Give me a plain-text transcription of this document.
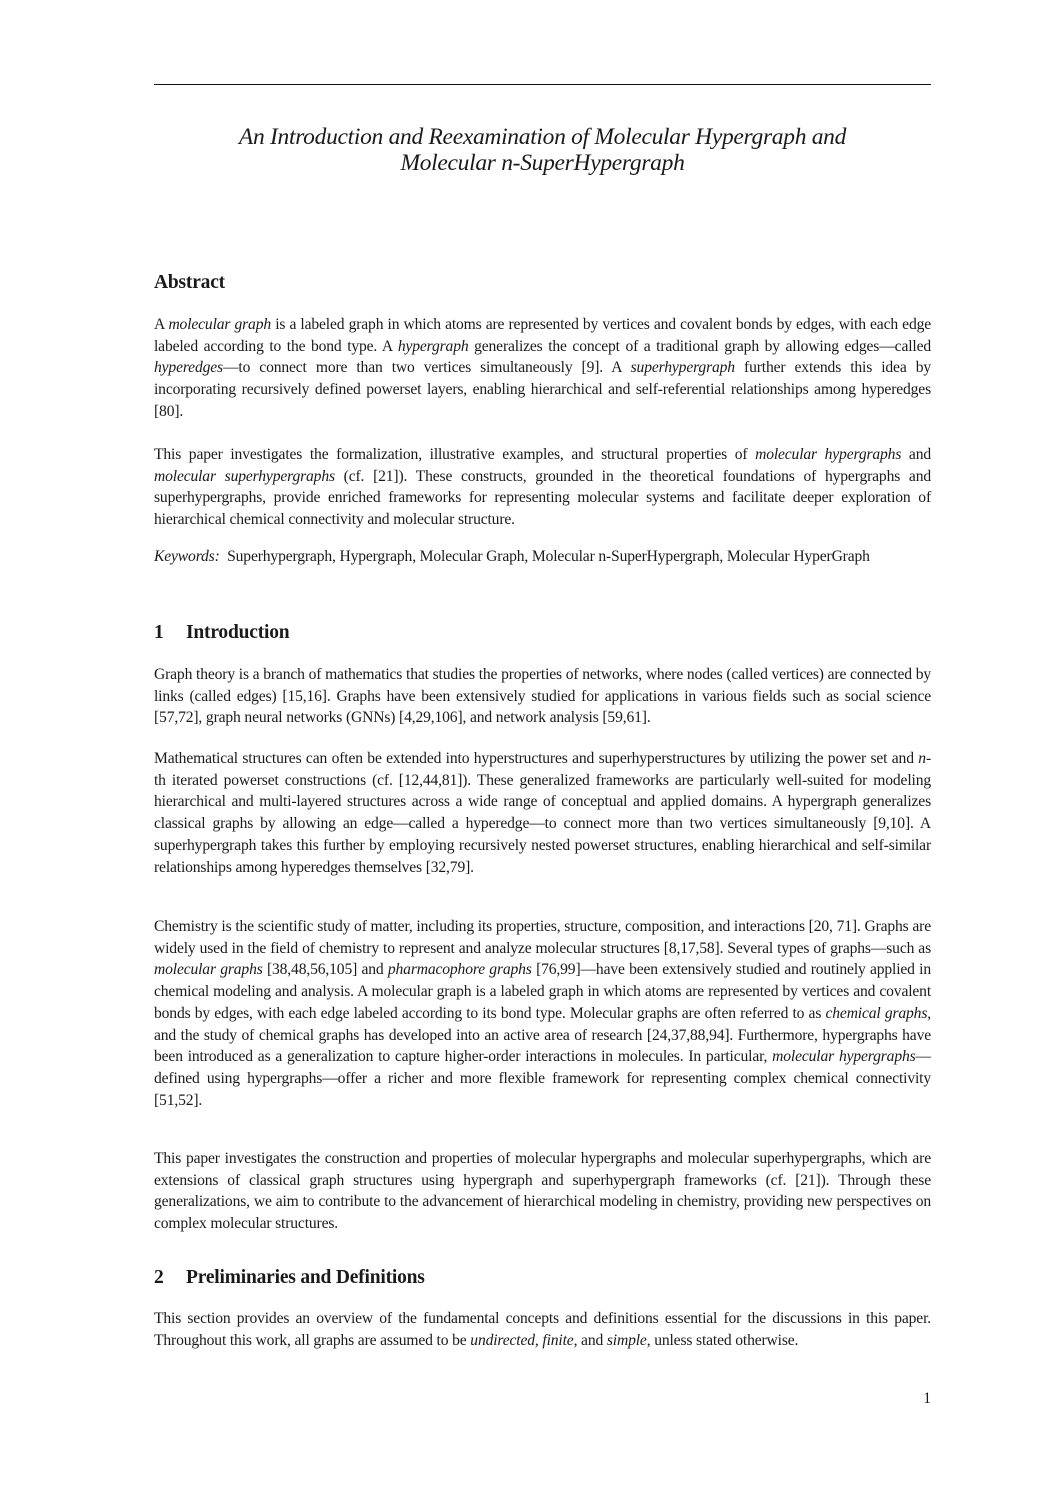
An Introduction and Reexamination of Molecular Hypergraph and
Molecular n-SuperHypergraph
Abstract

A molecular graph is a labeled graph in which atoms are represented by vertices and covalent bonds by edges, with each edge labeled according to the bond type. A hypergraph generalizes the concept of a traditional graph by allowing edges—called hyperedges—to connect more than two vertices simultaneously [9]. A superhypergraph further extends this idea by incorporating recursively defined powerset layers, enabling hierarchical and self-referential relationships among hyperedges [80].

This paper investigates the formalization, illustrative examples, and structural properties of molecular hypergraphs and molecular superhypergraphs (cf. [21]). These constructs, grounded in the theoretical foundations of hypergraphs and superhypergraphs, provide enriched frameworks for representing molecular systems and facilitate deeper exploration of hierarchical chemical connectivity and molecular structure.

Keywords: Superhypergraph, Hypergraph, Molecular Graph, Molecular n-SuperHypergraph, Molecular HyperGraph

1 Introduction

Graph theory is a branch of mathematics that studies the properties of networks, where nodes (called vertices) are connected by links (called edges) [15,16]. Graphs have been extensively studied for applications in various fields such as social science [57,72], graph neural networks (GNNs) [4,29,106], and network analysis [59,61].

Mathematical structures can often be extended into hyperstructures and superhyperstructures by utilizing the power set and n-th iterated powerset constructions (cf. [12,44,81]). These generalized frameworks are particularly well-suited for modeling hierarchical and multi-layered structures across a wide range of conceptual and applied domains. A hypergraph generalizes classical graphs by allowing an edge—called a hyperedge—to connect more than two vertices simultaneously [9,10]. A superhypergraph takes this further by employing recursively nested powerset structures, enabling hierarchical and self-similar relationships among hyperedges themselves [32,79].

Chemistry is the scientific study of matter, including its properties, structure, composition, and interactions [20, 71]. Graphs are widely used in the field of chemistry to represent and analyze molecular structures [8,17,58]. Several types of graphs—such as molecular graphs [38,48,56,105] and pharmacophore graphs [76,99]—have been extensively studied and routinely applied in chemical modeling and analysis. A molecular graph is a labeled graph in which atoms are represented by vertices and covalent bonds by edges, with each edge labeled according to its bond type. Molecular graphs are often referred to as chemical graphs, and the study of chemical graphs has developed into an active area of research [24,37,88,94]. Furthermore, hypergraphs have been introduced as a generalization to capture higher-order interactions in molecules. In particular, molecular hypergraphs—defined using hypergraphs—offer a richer and more flexible framework for representing complex chemical connectivity [51,52].

This paper investigates the construction and properties of molecular hypergraphs and molecular superhypergraphs, which are extensions of classical graph structures using hypergraph and superhypergraph frameworks (cf. [21]). Through these generalizations, we aim to contribute to the advancement of hierarchical modeling in chemistry, providing new perspectives on complex molecular structures.

2 Preliminaries and Definitions

This section provides an overview of the fundamental concepts and definitions essential for the discussions in this paper. Throughout this work, all graphs are assumed to be undirected, finite, and simple, unless stated otherwise.

1
